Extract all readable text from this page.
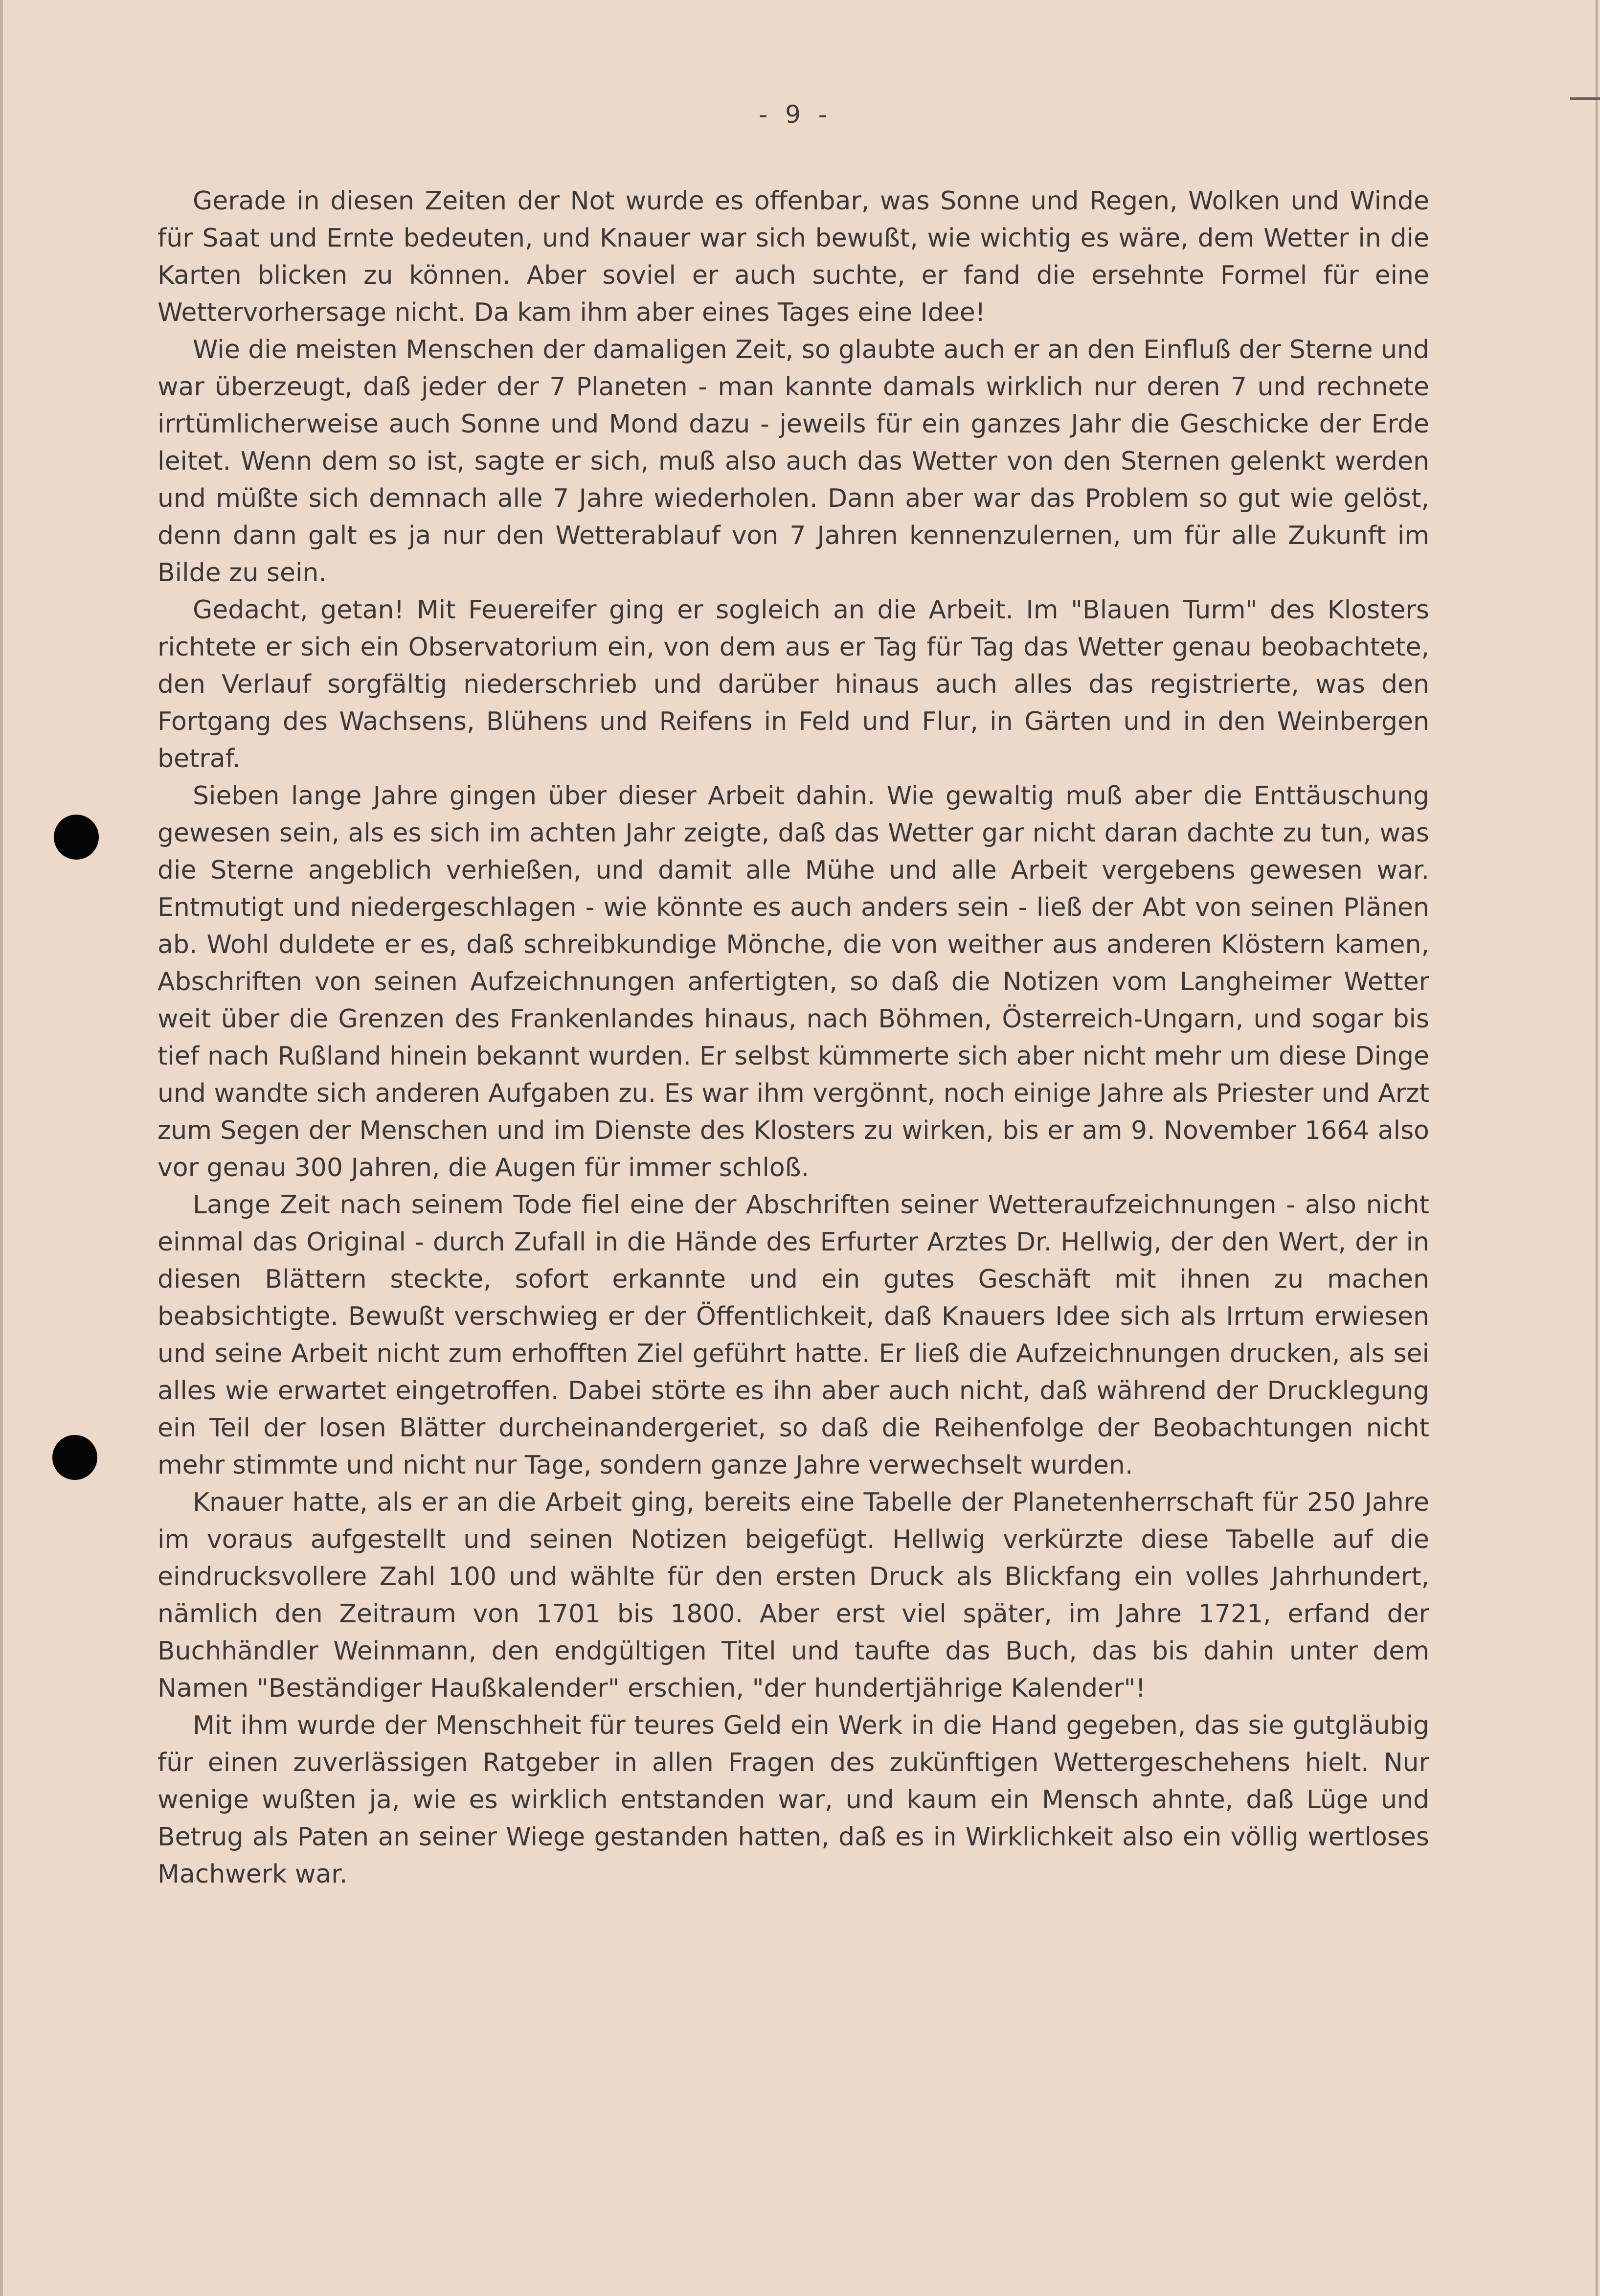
- 9 -

Gerade in diesen Zeiten der Not wurde es offenbar, was Sonne und Regen, Wolken und Winde für Saat und Ernte bedeuten, und Knauer war sich bewußt, wie wichtig es wäre, dem Wetter in die Karten blicken zu können. Aber soviel er auch suchte, er fand die ersehnte Formel für eine Wettervorhersage nicht. Da kam ihm aber eines Tages eine Idee!

Wie die meisten Menschen der damaligen Zeit, so glaubte auch er an den Einfluß der Sterne und war überzeugt, daß jeder der 7 Planeten - man kannte damals wirklich nur deren 7 und rechnete irrtümlicherweise auch Sonne und Mond dazu - jeweils für ein ganzes Jahr die Geschicke der Erde leitet. Wenn dem so ist, sagte er sich, muß also auch das Wetter von den Sternen gelenkt werden und müßte sich demnach alle 7 Jahre wiederholen. Dann aber war das Problem so gut wie gelöst, denn dann galt es ja nur den Wetterablauf von 7 Jahren kennenzulernen, um für alle Zukunft im Bilde zu sein.

Gedacht, getan! Mit Feuereifer ging er sogleich an die Arbeit. Im "Blauen Turm" des Klosters richtete er sich ein Observatorium ein, von dem aus er Tag für Tag das Wetter genau beobachtete, den Verlauf sorgfältig niederschrieb und darüber hinaus auch alles das registrierte, was den Fortgang des Wachsens, Blühens und Reifens in Feld und Flur, in Gärten und in den Weinbergen betraf.

Sieben lange Jahre gingen über dieser Arbeit dahin. Wie gewaltig muß aber die Enttäuschung gewesen sein, als es sich im achten Jahr zeigte, daß das Wetter gar nicht daran dachte zu tun, was die Sterne angeblich verhießen, und damit alle Mühe und alle Arbeit vergebens gewesen war. Entmutigt und niedergeschlagen - wie könnte es auch anders sein - ließ der Abt von seinen Plänen ab. Wohl duldete er es, daß schreibkundige Mönche, die von weither aus anderen Klöstern kamen, Abschriften von seinen Aufzeichnungen anfertigten, so daß die Notizen vom Langheimer Wetter weit über die Grenzen des Frankenlandes hinaus, nach Böhmen, Österreich-Ungarn, und sogar bis tief nach Rußland hinein bekannt wurden. Er selbst kümmerte sich aber nicht mehr um diese Dinge und wandte sich anderen Aufgaben zu. Es war ihm vergönnt, noch einige Jahre als Priester und Arzt zum Segen der Menschen und im Dienste des Klosters zu wirken, bis er am 9. November 1664 also vor genau 300 Jahren, die Augen für immer schloß.

Lange Zeit nach seinem Tode fiel eine der Abschriften seiner Wetteraufzeichnungen - also nicht einmal das Original - durch Zufall in die Hände des Erfurter Arztes Dr. Hellwig, der den Wert, der in diesen Blättern steckte, sofort erkannte und ein gutes Geschäft mit ihnen zu machen beabsichtigte. Bewußt verschwieg er der Öffentlichkeit, daß Knauers Idee sich als Irrtum erwiesen und seine Arbeit nicht zum erhofften Ziel geführt hatte. Er ließ die Aufzeichnungen drucken, als sei alles wie erwartet eingetroffen. Dabei störte es ihn aber auch nicht, daß während der Drucklegung ein Teil der losen Blätter durcheinandergeriet, so daß die Reihenfolge der Beobachtungen nicht mehr stimmte und nicht nur Tage, sondern ganze Jahre verwechselt wurden.

Knauer hatte, als er an die Arbeit ging, bereits eine Tabelle der Planetenherrschaft für 250 Jahre im voraus aufgestellt und seinen Notizen beigefügt. Hellwig verkürzte diese Tabelle auf die eindrucksvollere Zahl 100 und wählte für den ersten Druck als Blickfang ein volles Jahrhundert, nämlich den Zeitraum von 1701 bis 1800. Aber erst viel später, im Jahre 1721, erfand der Buchhändler Weinmann, den endgültigen Titel und taufte das Buch, das bis dahin unter dem Namen "Beständiger Haußkalender" erschien, "der hundertjährige Kalender"!

Mit ihm wurde der Menschheit für teures Geld ein Werk in die Hand gegeben, das sie gutgläubig für einen zuverlässigen Ratgeber in allen Fragen des zukünftigen Wettergeschehens hielt. Nur wenige wußten ja, wie es wirklich entstanden war, und kaum ein Mensch ahnte, daß Lüge und Betrug als Paten an seiner Wiege gestanden hatten, daß es in Wirklichkeit also ein völlig wertloses Machwerk war.
